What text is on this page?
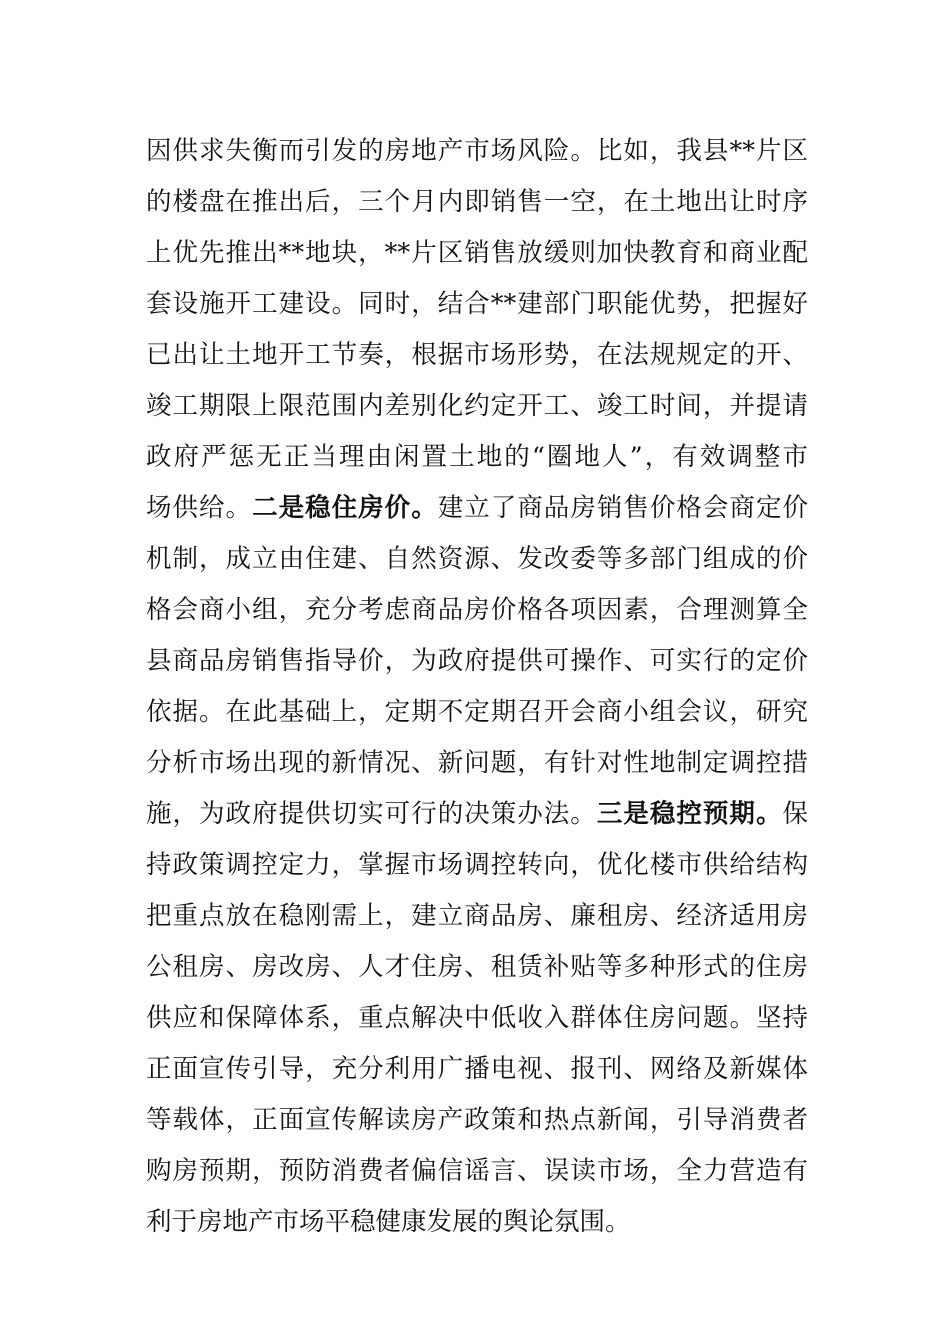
因供求失衡而引发的房地产市场风险。比如，我县**片区
的楼盘在推出后，三个月内即销售一空，在土地出让时序
上优先推出**地块，**片区销售放缓则加快教育和商业配
套设施开工建设。同时，结合**建部门职能优势，把握好
已出让土地开工节奏，根据市场形势，在法规规定的开、
竣工期限上限范围内差别化约定开工、竣工时间，并提请
政府严惩无正当理由闲置土地的“圈地人”，有效调整市
场供给。二是稳住房价。建立了商品房销售价格会商定价
机制，成立由住建、自然资源、发改委等多部门组成的价
格会商小组，充分考虑商品房价格各项因素，合理测算全
县商品房销售指导价，为政府提供可操作、可实行的定价
依据。在此基础上，定期不定期召开会商小组会议，研究
分析市场出现的新情况、新问题，有针对性地制定调控措
施，为政府提供切实可行的决策办法。三是稳控预期。保
持政策调控定力，掌握市场调控转向，优化楼市供给结构
把重点放在稳刚需上，建立商品房、廉租房、经济适用房
公租房、房改房、人才住房、租赁补贴等多种形式的住房
供应和保障体系，重点解决中低收入群体住房问题。坚持
正面宣传引导，充分利用广播电视、报刊、网络及新媒体
等载体，正面宣传解读房产政策和热点新闻，引导消费者
购房预期，预防消费者偏信谣言、误读市场，全力营造有
利于房地产市场平稳健康发展的舆论氛围。
